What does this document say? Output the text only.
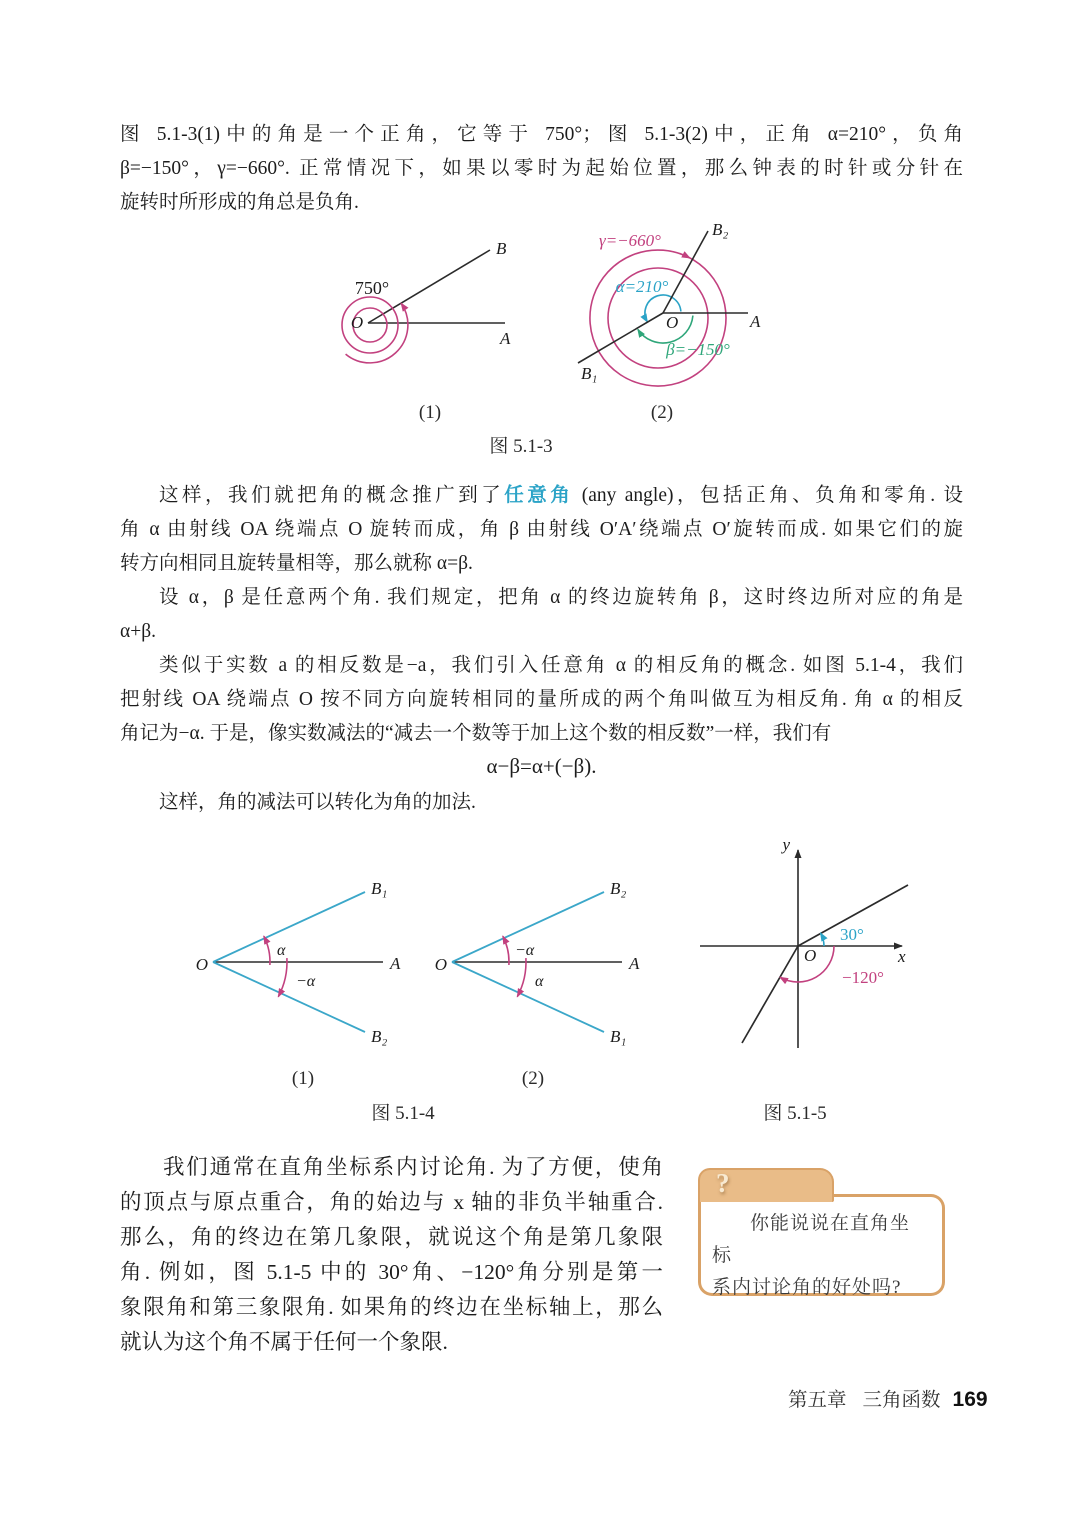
图 5.1-3(1)中的角是一个正角，它等于 750°；图 5.1-3(2)中，正角 α=210°，负角
β=−150°，γ=−660°. 正常情况下，如果以零时为起始位置，那么钟表的时针或分针在
旋转时所形成的角总是负角.
750°
O
A
B	γ=−660°
α=210°
β=−150°
O	A
B₂
B₁
(1)	(2)
图 5.1-3
这样，我们就把角的概念推广到了任意角 (any angle)，包括正角、负角和零角. 设
角 α 由射线 OA 绕端点 O 旋转而成，角 β 由射线 O′A′绕端点 O′旋转而成. 如果它们的旋
转方向相同且旋转量相等，那么就称 α=β.
设 α，β 是任意两个角. 我们规定，把角 α 的终边旋转角 β，这时终边所对应的角是
α+β.
类似于实数 a 的相反数是−a，我们引入任意角 α 的相反角的概念. 如图 5.1-4，我们
把射线 OA 绕端点 O 按不同方向旋转相同的量所成的两个角叫做互为相反角. 角 α 的相反
角记为−α. 于是，像实数减法的“减去一个数等于加上这个数的相反数”一样，我们有
α−β=α+(−β).
这样，角的减法可以转化为角的加法.
O	A
B₁
B₂
α
−α
O	A
B₂
B₁
−α
α
y
x
O
30°
−120°
(1)	(2)
图 5.1-4	图 5.1-5
我们通常在直角坐标系内讨论角. 为了方便，使角
的顶点与原点重合，角的始边与 x 轴的非负半轴重合.
那么，角的终边在第几象限，就说这个角是第几象限
角. 例如，图 5.1-5 中的 30°角、−120°角分别是第一
象限角和第三象限角. 如果角的终边在坐标轴上，那么
就认为这个角不属于任何一个象限.
?
你能说说在直角坐标
系内讨论角的好处吗?
第五章 三角函数 169
